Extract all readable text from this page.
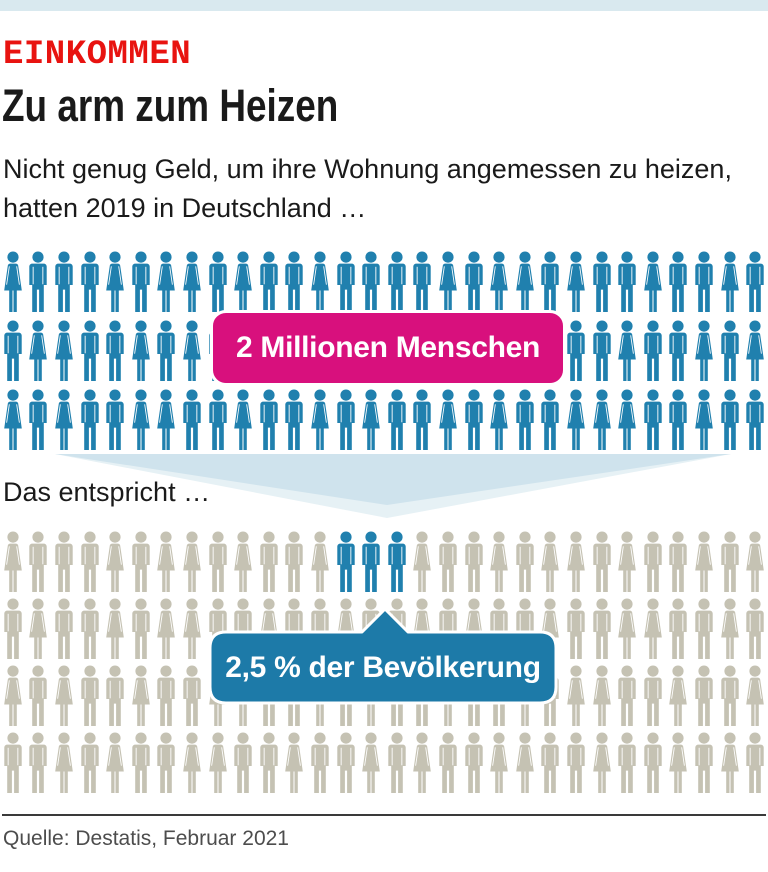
EINKOMMEN
Zu arm zum Heizen
Nicht genug Geld, um ihre Wohnung angemessen zu heizen,
hatten 2019 in Deutschland …
2 Millionen Menschen
Das entspricht …
2,5 % der Bevölkerung
Quelle: Destatis, Februar 2021
